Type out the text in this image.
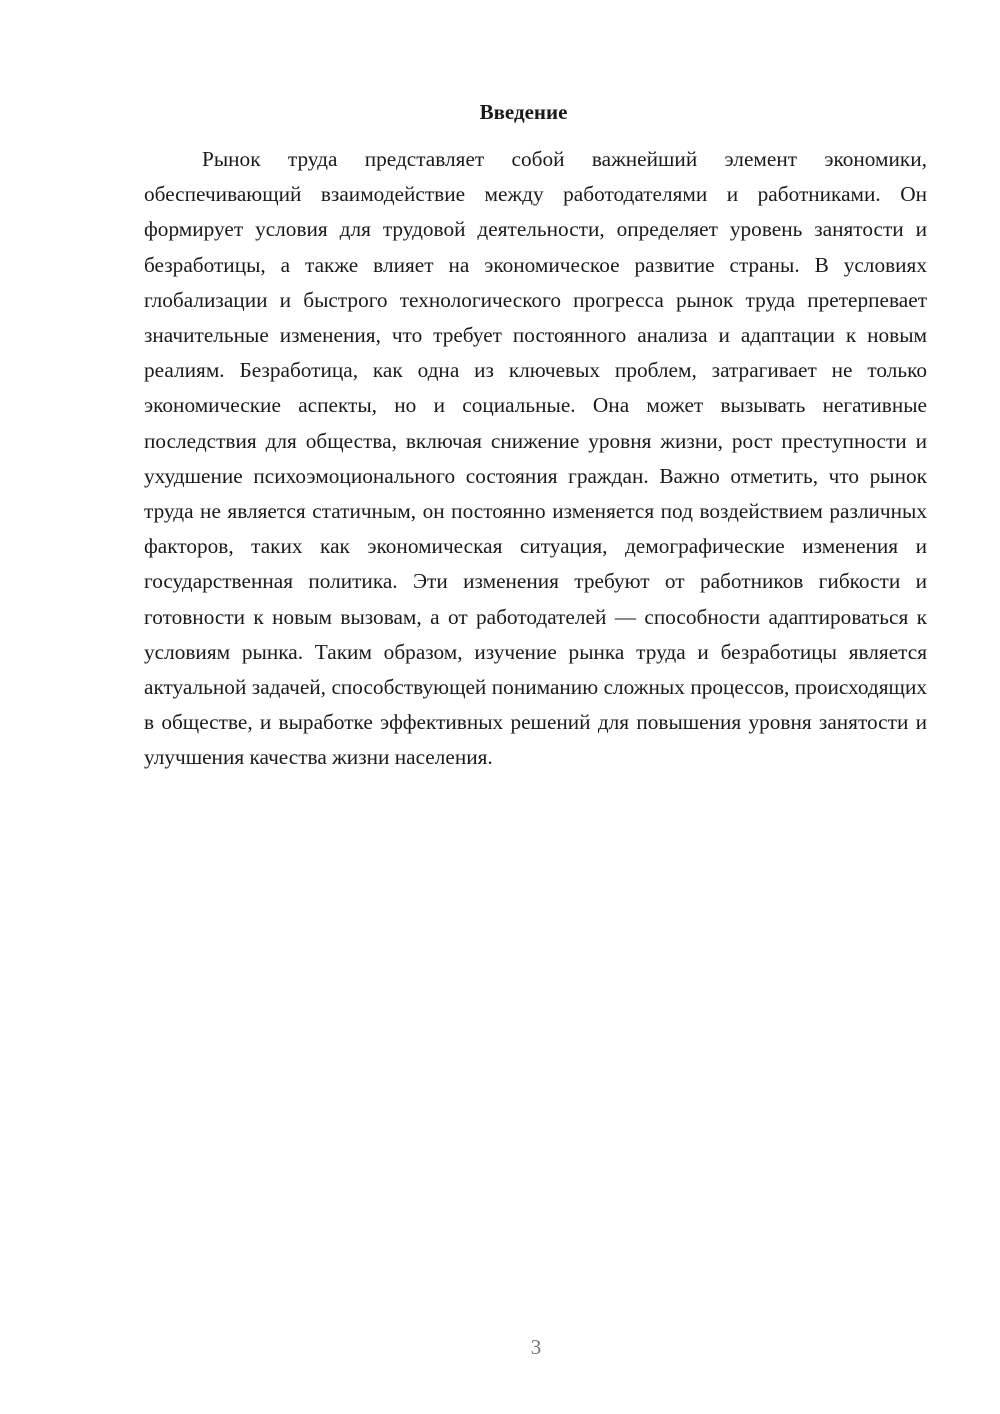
Введение

Рынок труда представляет собой важнейший элемент экономики, обеспечивающий взаимодействие между работодателями и работниками. Он формирует условия для трудовой деятельности, определяет уровень занятости и безработицы, а также влияет на экономическое развитие страны. В условиях глобализации и быстрого технологического прогресса рынок труда претерпевает значительные изменения, что требует постоянного анализа и адаптации к новым реалиям. Безработица, как одна из ключевых проблем, затрагивает не только экономические аспекты, но и социальные. Она может вызывать негативные последствия для общества, включая снижение уровня жизни, рост преступности и ухудшение психоэмоционального состояния граждан. Важно отметить, что рынок труда не является статичным, он постоянно изменяется под воздействием различных факторов, таких как экономическая ситуация, демографические изменения и государственная политика. Эти изменения требуют от работников гибкости и готовности к новым вызовам, а от работодателей — способности адаптироваться к условиям рынка. Таким образом, изучение рынка труда и безработицы является актуальной задачей, способствующей пониманию сложных процессов, происходящих в обществе, и выработке эффективных решений для повышения уровня занятости и улучшения качества жизни населения.

3
